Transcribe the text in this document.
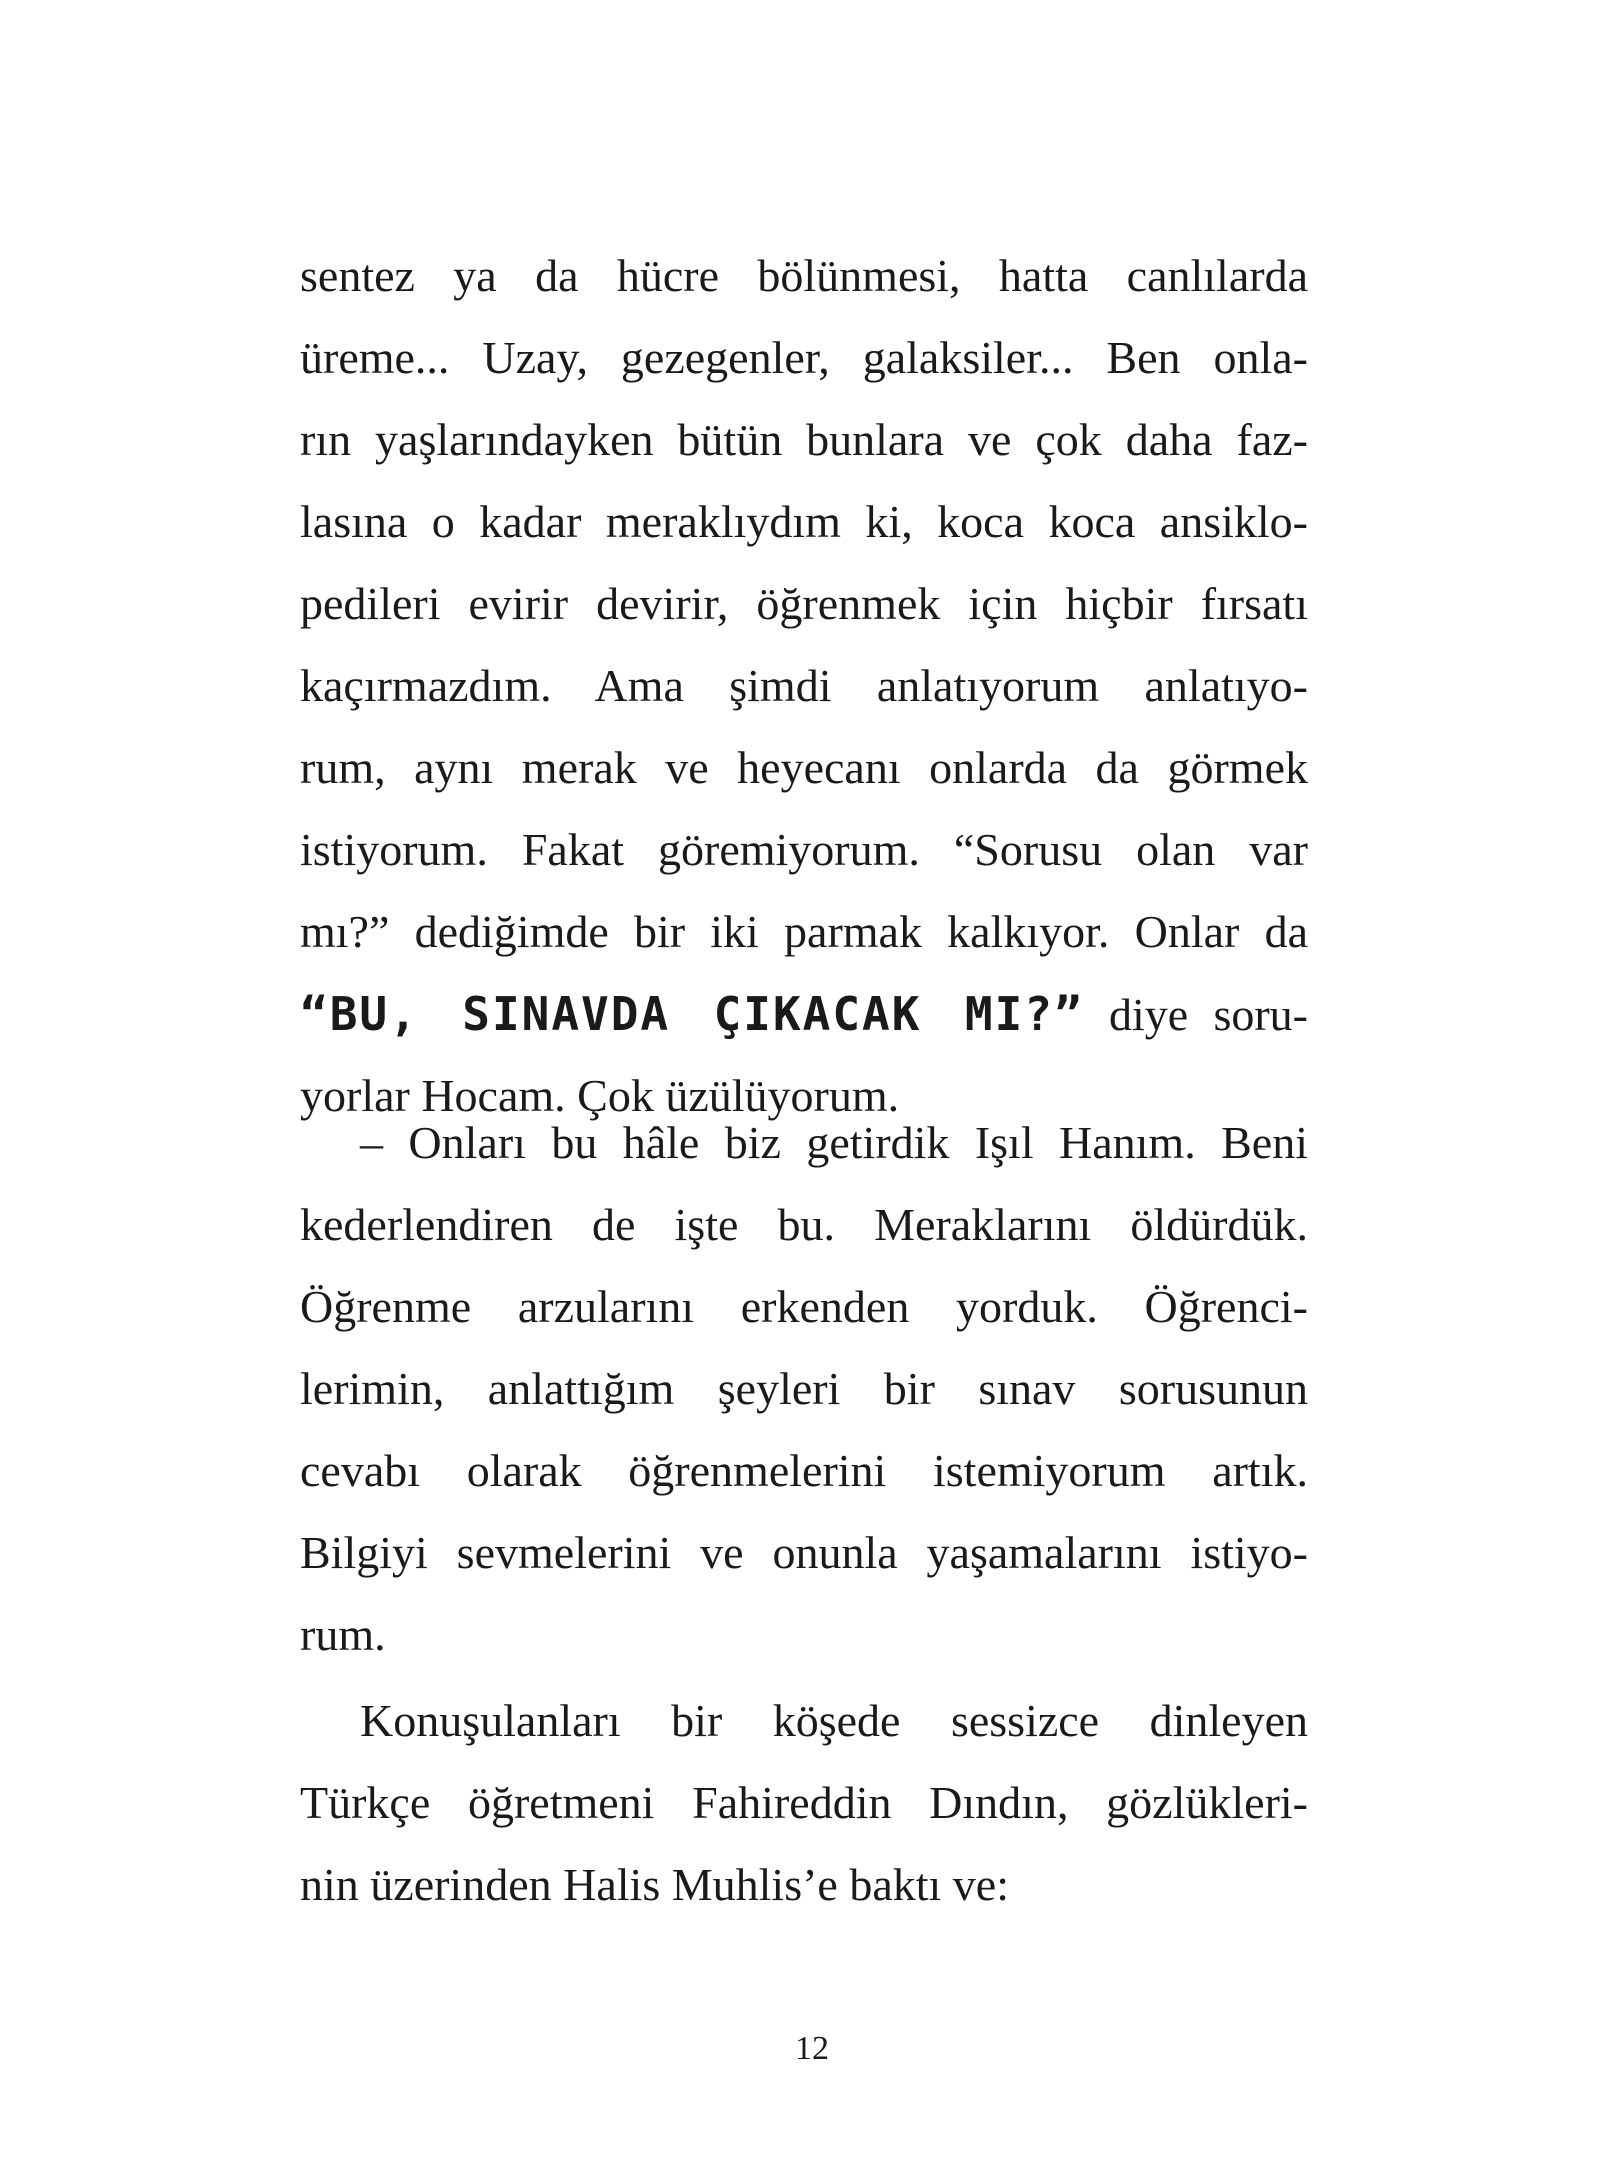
sentez ya da hücre bölünmesi, hatta canlılarda
üreme... Uzay, gezegenler, galaksiler... Ben onla-
rın yaşlarındayken bütün bunlara ve çok daha faz-
lasına o kadar meraklıydım ki, koca koca ansiklo-
pedileri evirir devirir, öğrenmek için hiçbir fırsatı
kaçırmazdım. Ama şimdi anlatıyorum anlatıyo-
rum, aynı merak ve heyecanı onlarda da görmek
istiyorum. Fakat göremiyorum. “Sorusu olan var
mı?” dediğimde bir iki parmak kalkıyor. Onlar da
“BU, SINAVDA ÇIKACAK MI?” diye soru-
yorlar Hocam. Çok üzülüyorum.
– Onları bu hâle biz getirdik Işıl Hanım. Beni
kederlendiren de işte bu. Meraklarını öldürdük.
Öğrenme arzularını erkenden yorduk. Öğrenci-
lerimin, anlattığım şeyleri bir sınav sorusunun
cevabı olarak öğrenmelerini istemiyorum artık.
Bilgiyi sevmelerini ve onunla yaşamalarını istiyo-
rum.
Konuşulanları bir köşede sessizce dinleyen
Türkçe öğretmeni Fahireddin Dındın, gözlükleri-
nin üzerinden Halis Muhlis’e baktı ve:
12
